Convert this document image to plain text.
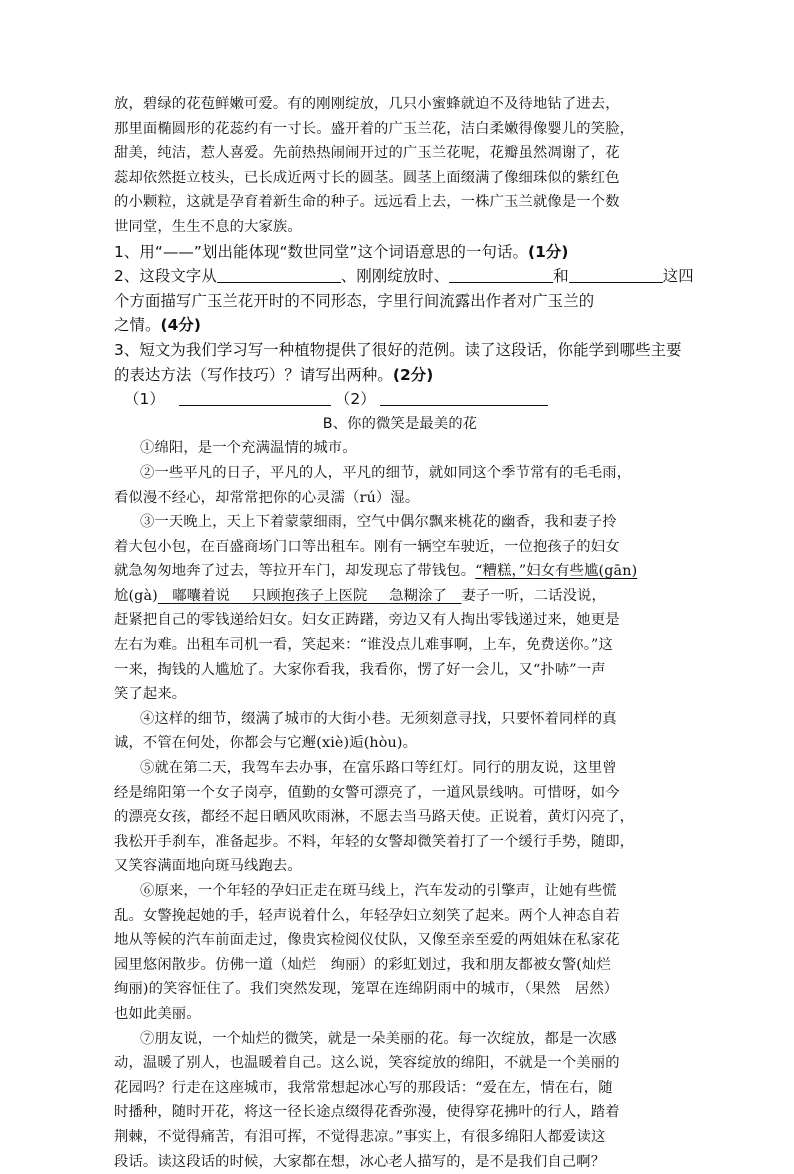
放，碧绿的花苞鲜嫩可爱。有的刚刚绽放，几只小蜜蜂就迫不及待地钻了进去，
那里面椭圆形的花蕊约有一寸长。盛开着的广玉兰花，洁白柔嫩得像婴儿的笑脸，
甜美，纯洁，惹人喜爱。先前热热闹闹开过的广玉兰花呢，花瓣虽然凋谢了，花
蕊却依然挺立枝头，已长成近两寸长的圆茎。圆茎上面缀满了像细珠似的紫红色
的小颗粒，这就是孕育着新生命的种子。远远看上去，一株广玉兰就像是一个数
世同堂，生生不息的大家族。
1、用“——”划出能体现“数世同堂”这个词语意思的一句话。(1分)
2、这段文字从	、刚刚绽放时、	和	这四
个方面描写广玉兰花开时的不同形态，字里行间流露出作者对广玉兰的
之情。(4分)
3、短文为我们学习写一种植物提供了很好的范例。读了这段话，你能学到哪些主要
的表达方法（写作技巧）？请写出两种。(2分)
（1）	（2）
B、你的微笑是最美的花
①绵阳，是一个充满温情的城市。
②一些平凡的日子，平凡的人，平凡的细节，就如同这个季节常有的毛毛雨，
看似漫不经心，却常常把你的心灵濡（rú）湿。
③一天晚上，天上下着蒙蒙细雨，空气中偶尔飘来桃花的幽香，我和妻子拎
着大包小包，在百盛商场门口等出租车。刚有一辆空车驶近，一位抱孩子的妇女
就急匆匆地奔了过去，等拉开车门，却发现忘了带钱包。“糟糕，”妇女有些尴(gān)
尬(gà)  嘟囔着说   只顾抱孩子上医院   急糊涂了  妻子一听，二话没说，
赶紧把自己的零钱递给妇女。妇女正踌躇，旁边又有人掏出零钱递过来，她更是
左右为难。出租车司机一看，笑起来：“谁没点儿难事啊，上车，免费送你。”这
一来，掏钱的人尴尬了。大家你看我，我看你，愣了好一会儿，又“扑哧”一声
笑了起来。
④这样的细节，缀满了城市的大街小巷。无须刻意寻找，只要怀着同样的真
诚，不管在何处，你都会与它邂(xiè)逅(hòu)。
⑤就在第二天，我驾车去办事，在富乐路口等红灯。同行的朋友说，这里曾
经是绵阳第一个女子岗亭，值勤的女警可漂亮了，一道风景线呐。可惜呀，如今
的漂亮女孩，都经不起日晒风吹雨淋，不愿去当马路天使。正说着，黄灯闪亮了，
我松开手刹车，准备起步。不料，年轻的女警却微笑着打了一个缓行手势，随即，
又笑容满面地向斑马线跑去。
⑥原来，一个年轻的孕妇正走在斑马线上，汽车发动的引擎声，让她有些慌
乱。女警挽起她的手，轻声说着什么，年轻孕妇立刻笑了起来。两个人神态自若
地从等候的汽车前面走过，像贵宾检阅仪仗队，又像至亲至爱的两姐妹在私家花
园里悠闲散步。仿佛一道（灿烂　绚丽）的彩虹划过，我和朋友都被女警(灿烂
绚丽)的笑容怔住了。我们突然发现，笼罩在连绵阴雨中的城市，（果然　居然）
也如此美丽。
⑦朋友说，一个灿烂的微笑，就是一朵美丽的花。每一次绽放，都是一次感
动，温暖了别人，也温暖着自己。这么说，笑容绽放的绵阳，不就是一个美丽的
花园吗？行走在这座城市，我常常想起冰心写的那段话：“爱在左，情在右，随
时播种，随时开花，将这一径长途点缀得花香弥漫，使得穿花拂叶的行人，踏着
荆棘，不觉得痛苦，有泪可挥，不觉得悲凉。”事实上，有很多绵阳人都爱读这
段话。读这段话的时候，大家都在想，冰心老人描写的，是不是我们自己啊？
